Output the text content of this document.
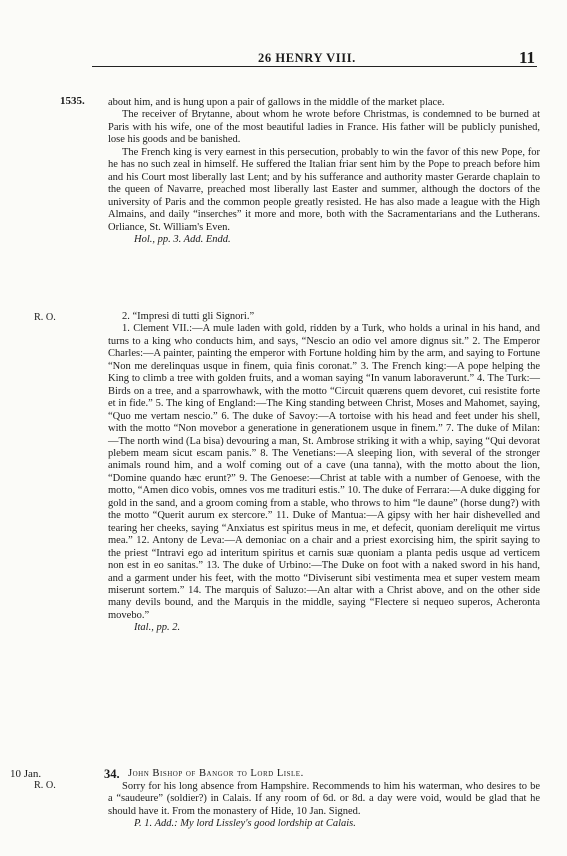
26 HENRY VIII.	11
1535.
R. O.
10 Jan.
R. O.

about him, and is hung upon a pair of gallows in the middle of the market place.

The receiver of Brytanne, about whom he wrote before Christmas, is condemned to be burned at Paris with his wife, one of the most beautiful ladies in France. His father will be publicly punished, lose his goods and be banished.

The French king is very earnest in this persecution, probably to win the favor of this new Pope, for he has no such zeal in himself. He suffered the Italian friar sent him by the Pope to preach before him and his Court most liberally last Lent; and by his sufferance and authority master Gerarde chaplain to the queen of Navarre, preached most liberally last Easter and summer, although the doctors of the university of Paris and the common people greatly resisted. He has also made a league with the High Almains, and daily “inserches” it more and more, both with the Sacramentarians and the Lutherans. Orliance, St. William's Even.

Hol., pp. 3. Add. Endd.

2. “Impresi di tutti gli Signori.”

1. Clement VII.:—A mule laden with gold, ridden by a Turk, who holds a urinal in his hand, and turns to a king who conducts him, and says, “Nescio an odio vel amore dignus sit.” 2. The Emperor Charles:—A painter, painting the emperor with Fortune holding him by the arm, and saying to Fortune “Non me derelinquas usque in finem, quia finis coronat.” 3. The French king:—A pope helping the King to climb a tree with golden fruits, and a woman saying “In vanum laboraverunt.” 4. The Turk:—Birds on a tree, and a sparrowhawk, with the motto “Circuit quærens quem devoret, cui resistite forte et in fide.” 5. The king of England:—The King standing between Christ, Moses and Mahomet, saying, “Quo me vertam nescio.” 6. The duke of Savoy:—A tortoise with his head and feet under his shell, with the motto “Non movebor a generatione in generationem usque in finem.” 7. The duke of Milan:—The north wind (La bisa) devouring a man, St. Ambrose striking it with a whip, saying “Qui devorat plebem meam sicut escam panis.” 8. The Venetians:—A sleeping lion, with several of the stronger animals round him, and a wolf coming out of a cave (una tanna), with the motto about the lion, “Domine quando hæc erunt?” 9. The Genoese:—Christ at table with a number of Genoese, with the motto, “Amen dico vobis, omnes vos me tradituri estis.” 10. The duke of Ferrara:—A duke digging for gold in the sand, and a groom coming from a stable, who throws to him “le daune” (horse dung?) with the motto “Querit aurum ex stercore.” 11. Duke of Mantua:—A gipsy with her hair dishevelled and tearing her cheeks, saying “Anxiatus est spiritus meus in me, et defecit, quoniam dereliquit me virtus mea.” 12. Antony de Leva:—A demoniac on a chair and a priest exorcising him, the spirit saying to the priest “Intravi ego ad interitum spiritus et carnis suæ quoniam a planta pedis usque ad verticem non est in eo sanitas.” 13. The duke of Urbino:—The Duke on foot with a naked sword in his hand, and a garment under his feet, with the motto “Diviserunt sibi vestimenta mea et super vestem meam miserunt sortem.” 14. The marquis of Saluzo:—An altar with a Christ above, and on the other side many devils bound, and the Marquis in the middle, saying “Flectere si nequeo superos, Acheronta movebo.”

Ital., pp. 2.

34. John Bishop of Bangor to Lord Lisle.

Sorry for his long absence from Hampshire. Recommends to him his waterman, who desires to be a “saudeure” (soldier?) in Calais. If any room of 6d. or 8d. a day were void, would be glad that he should have it. From the monastery of Hide, 10 Jan. Signed.

P. 1. Add.: My lord Lissley's good lordship at Calais.
